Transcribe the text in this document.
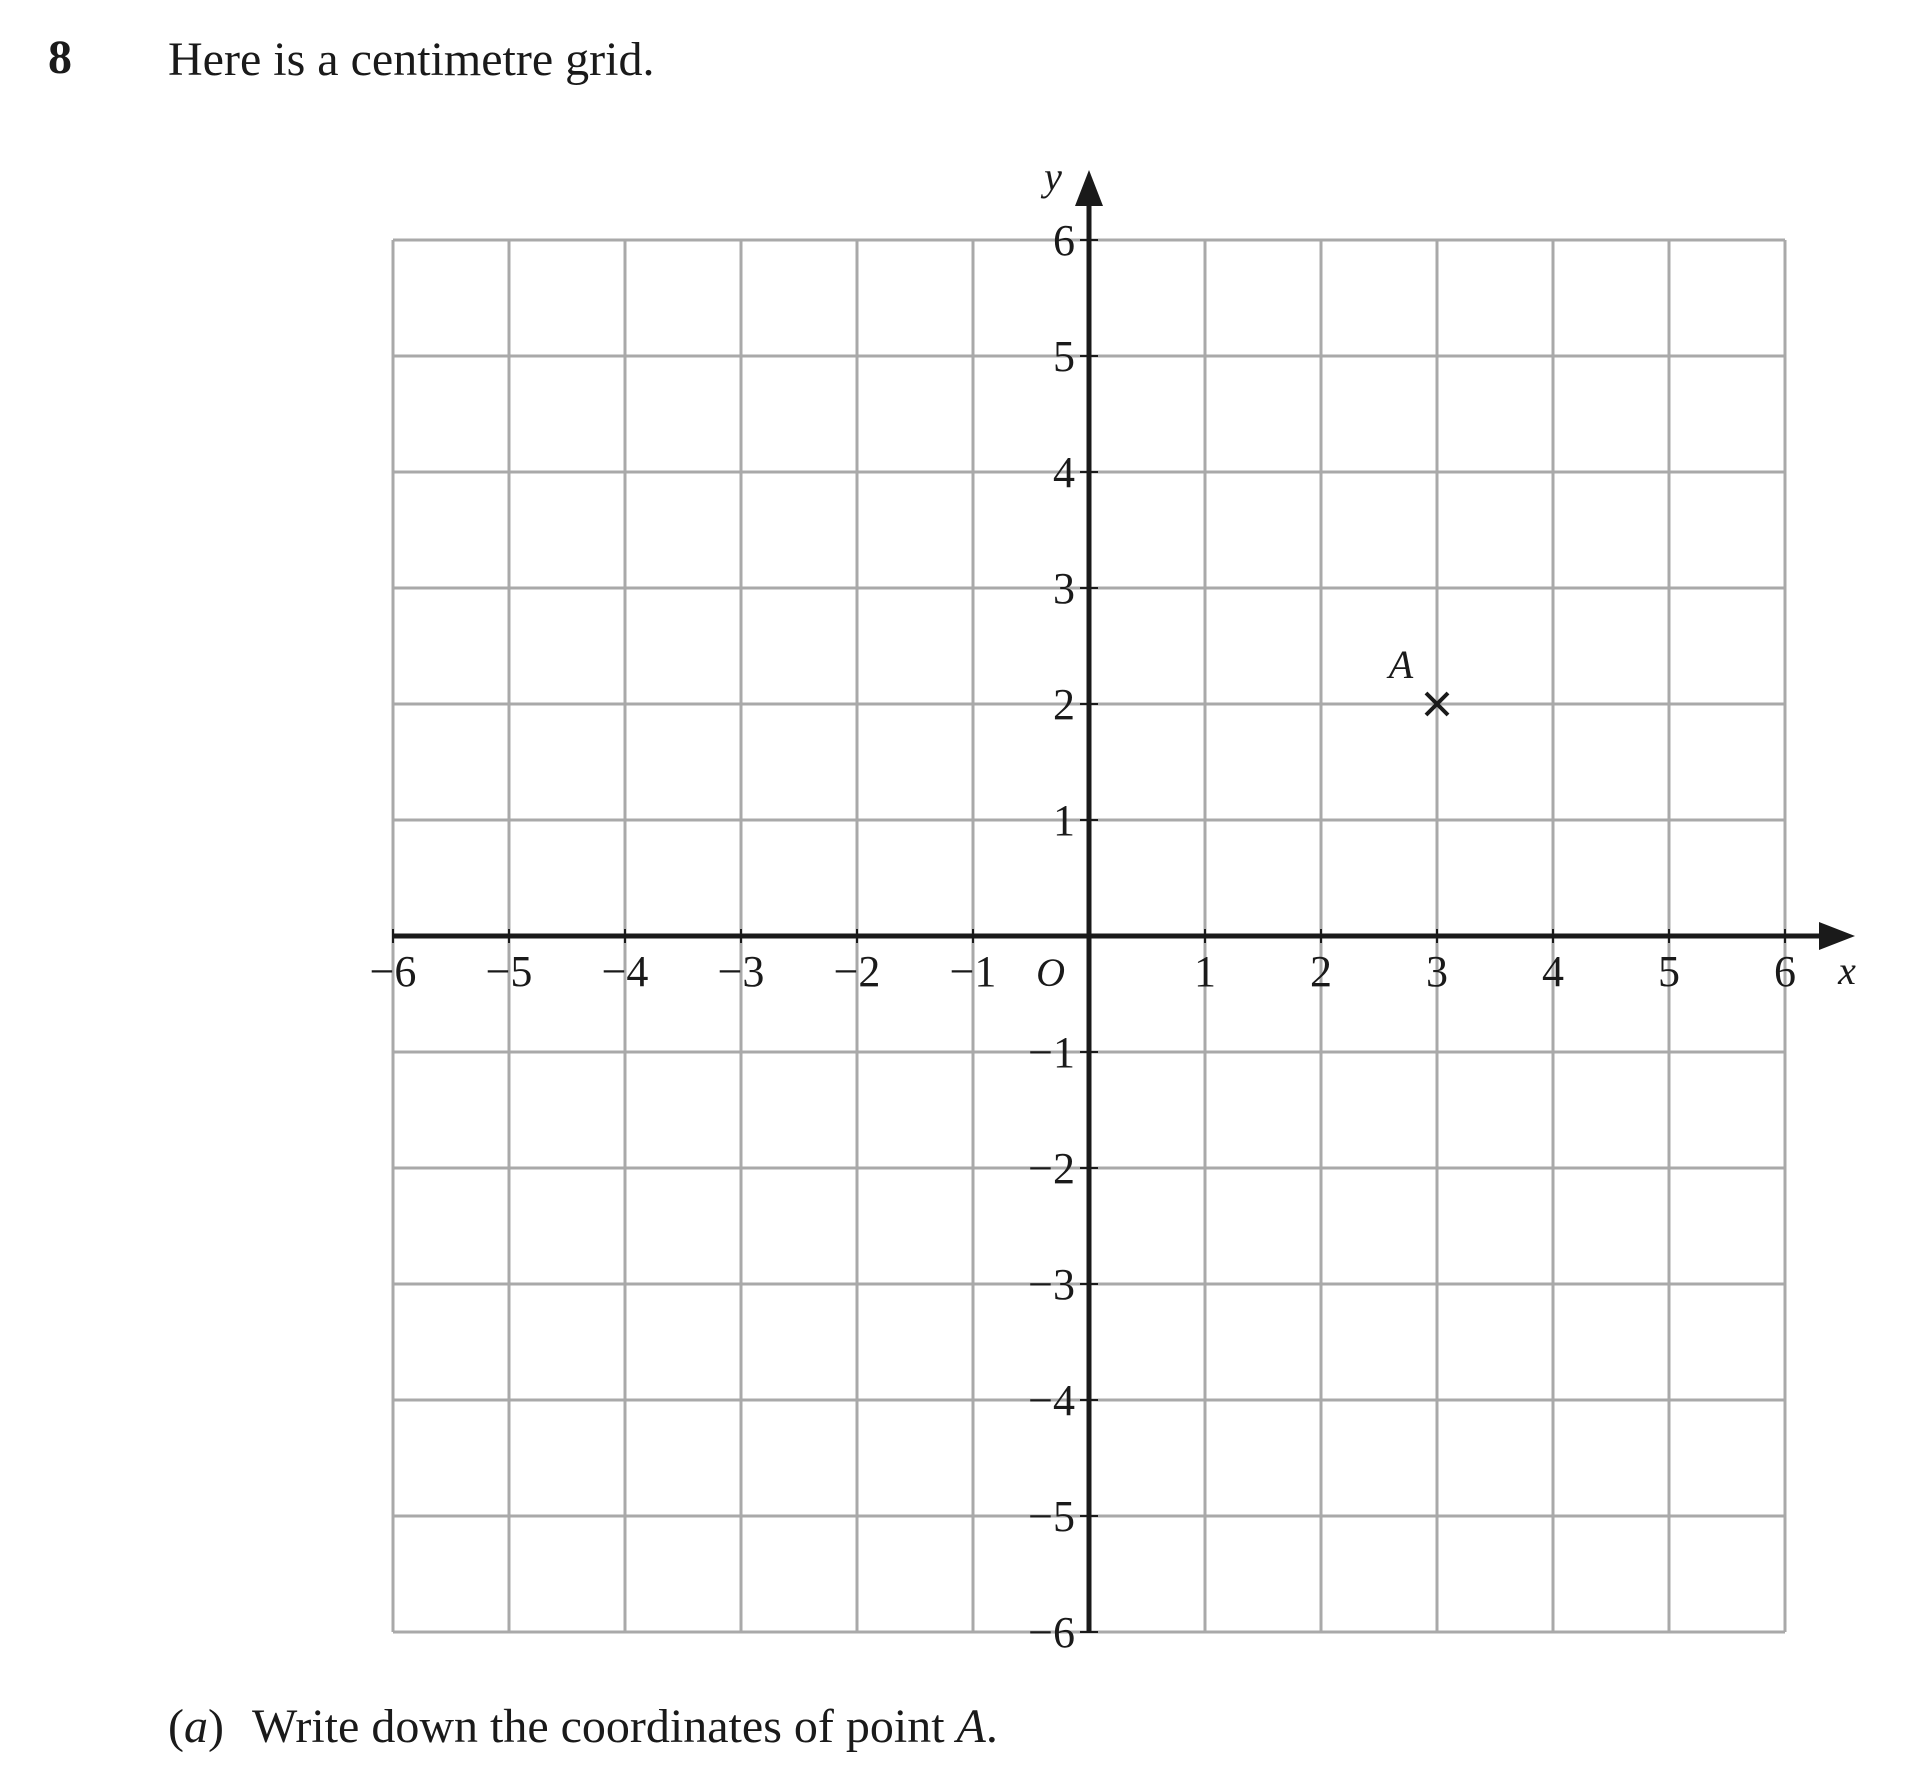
8 Here is a centimetre grid.
−6 −5 −4 −3 −2 −1	1 2 3 4 5 6
6
5
4
3
2
1
−1
−2
−3
−4
−5
−6
O	x
y
A
(a) Write down the coordinates of point A.
